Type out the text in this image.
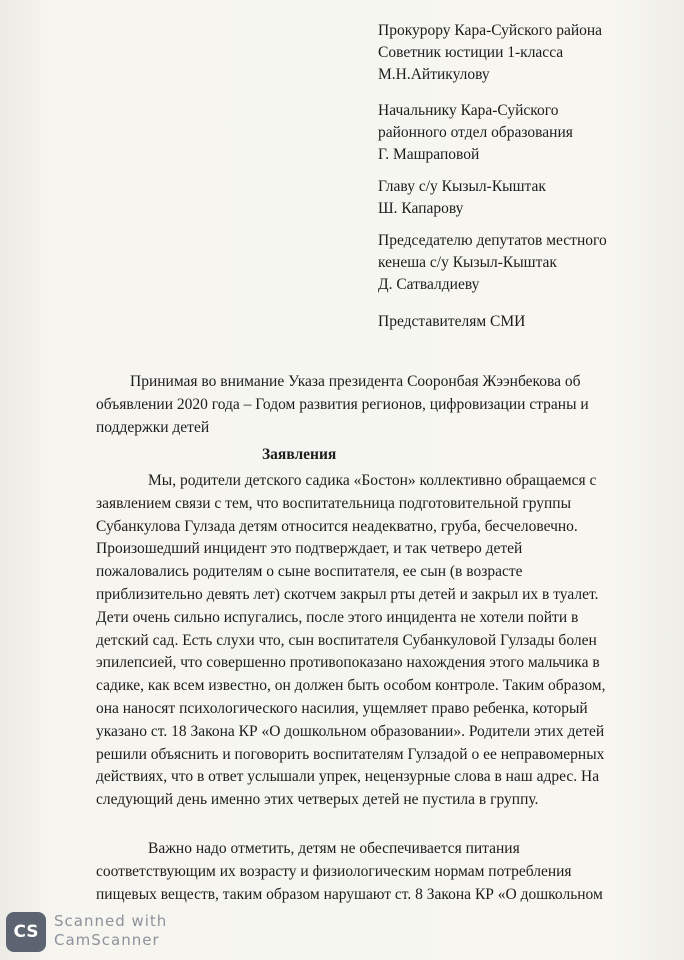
Прокурору Кара-Суйского района
Советник юстиции 1-класса
М.Н.Айтикулову
Начальнику Кара-Суйского
районного отдел образования
Г. Машраповой
Главу с/у Кызыл-Кыштак
Ш. Капарову
Председателю депутатов местного
кенеша с/у Кызыл-Кыштак
Д. Сатвалдиеву
Представителям СМИ
Принимая во внимание Указа президента Сооронбая Жээнбекова об
объявлении 2020 года – Годом развития регионов, цифровизации страны и
поддержки детей
Заявления
Мы, родители детского садика «Бостон» коллективно обращаемся с
заявлением связи с тем, что воспитательница подготовительной группы
Субанкулова Гулзада детям относится неадекватно, груба, бесчеловечно.
Произошедший инцидент это подтверждает, и так четверо детей
пожаловались родителям о сыне воспитателя, ее сын (в возрасте
приблизительно девять лет) скотчем закрыл рты детей и закрыл их в туалет.
Дети очень сильно испугались, после этого инцидента не хотели пойти в
детский сад. Есть слухи что, сын воспитателя Субанкуловой Гулзады болен
эпилепсией, что совершенно противопоказано нахождения этого мальчика в
садике, как всем известно, он должен быть особом контроле. Таким образом,
она наносят психологического насилия, ущемляет право ребенка, который
указано ст. 18 Закона КР «О дошкольном образовании». Родители этих детей
решили объяснить и поговорить воспитателям Гулзадой о ее неправомерных
действиях, что в ответ услышали упрек, нецензурные слова в наш адрес. На
следующий день именно этих четверых детей не пустила в группу.
Важно надо отметить, детям не обеспечивается питания
соответствующим их возрасту и физиологическим нормам потребления
пищевых веществ, таким образом нарушают ст. 8 Закона КР «О дошкольном
CS
Scanned with
CamScanner
